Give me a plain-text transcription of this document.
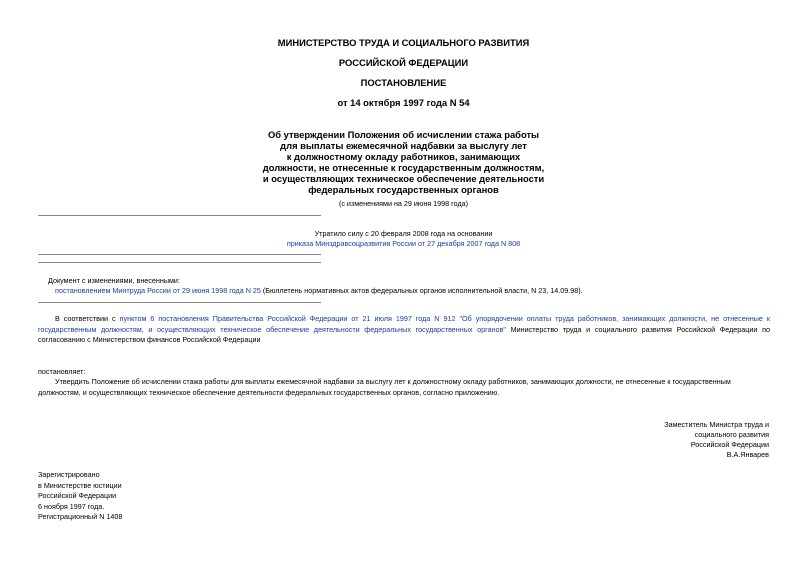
МИНИСТЕРСТВО ТРУДА И СОЦИАЛЬНОГО РАЗВИТИЯ
РОССИЙСКОЙ ФЕДЕРАЦИИ
ПОСТАНОВЛЕНИЕ
от 14 октября 1997 года N 54
Об утверждении Положения об исчислении стажа работы
для выплаты ежемесячной надбавки за выслугу лет
к должностному окладу работников, занимающих
должности, не отнесенные к государственным должностям,
и осуществляющих техническое обеспечение деятельности
федеральных государственных органов
(с изменениями на 29 июня 1998 года)
Утратило силу с 20 февраля 2008 года на основании
приказа Минздравсоцразвития России от 27 декабря 2007 года N 808
Документ с изменениями, внесенными:
постановлением Минтруда России от 29 июня 1998 года N 25 (Бюллетень нормативных актов федеральных органов исполнительной власти, N 23, 14.09.98).
В соответствии с пунктом 6 постановления Правительства Российской Федерации от 21 июля 1997 года N 912 "Об упорядочении оплаты труда работников, занимающих должности, не отнесенные к государственным должностям, и осуществляющих техническое обеспечение деятельности федеральных государственных органов" Министерство труда и социального развития Российской Федерации по согласованию с Министерством финансов Российской Федерации
постановляет:
Утвердить Положение об исчислении стажа работы для выплаты ежемесячной надбавки за выслугу лет к должностному окладу работников, занимающих должности, не отнесенные к государственным должностям, и осуществляющих техническое обеспечение деятельности федеральных государственных органов, согласно приложению.
Заместитель Министра труда и
социального развития
Российской Федерации
В.А.Январев
Зарегистрировано
в Министерстве юстиции
Российской Федерации
6 ноября 1997 года.
Регистрационный N 1408
